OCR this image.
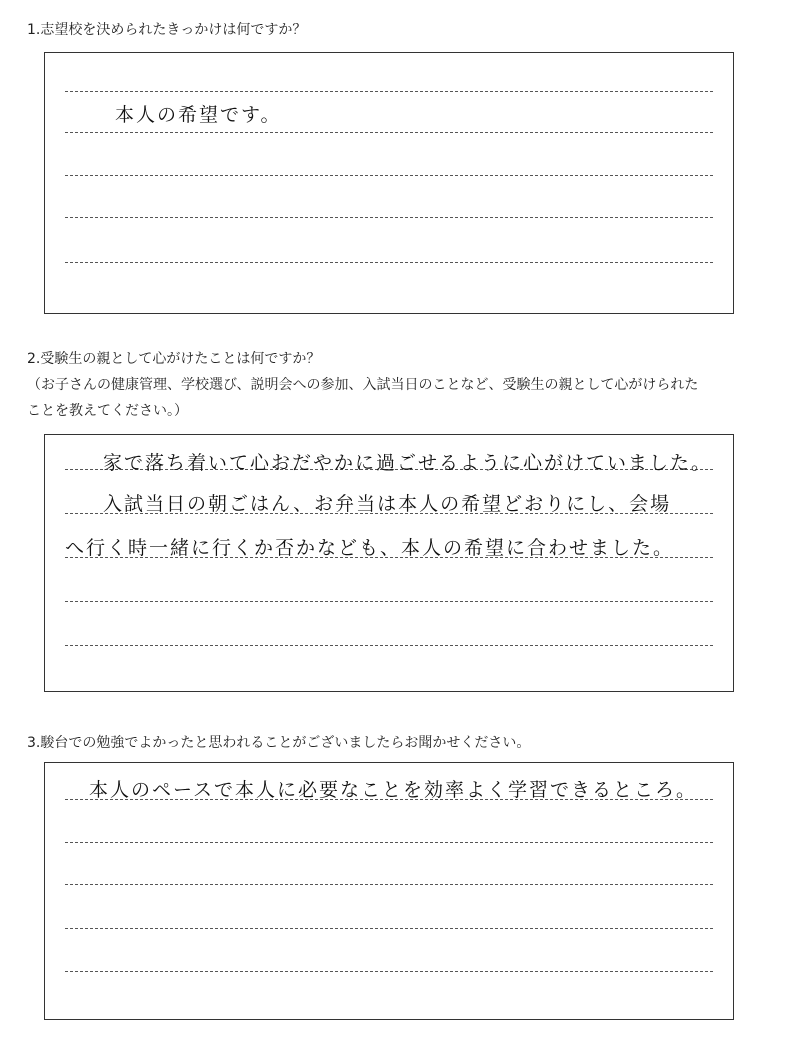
1.志望校を決められたきっかけは何ですか？
本人の希望です。
2.受験生の親として心がけたことは何ですか？
（お子さんの健康管理、学校選び、説明会への参加、入試当日のことなど、受験生の親として心がけられた
ことを教えてください。）
家で落ち着いて心おだやかに過ごせるように心がけていました。
入試当日の朝ごはん、お弁当は本人の希望どおりにし、会場
へ行く時一緒に行くか否かなども、本人の希望に合わせました。
3.駿台での勉強でよかったと思われることがございましたらお聞かせください。
本人のペースで本人に必要なことを効率よく学習できるところ。
